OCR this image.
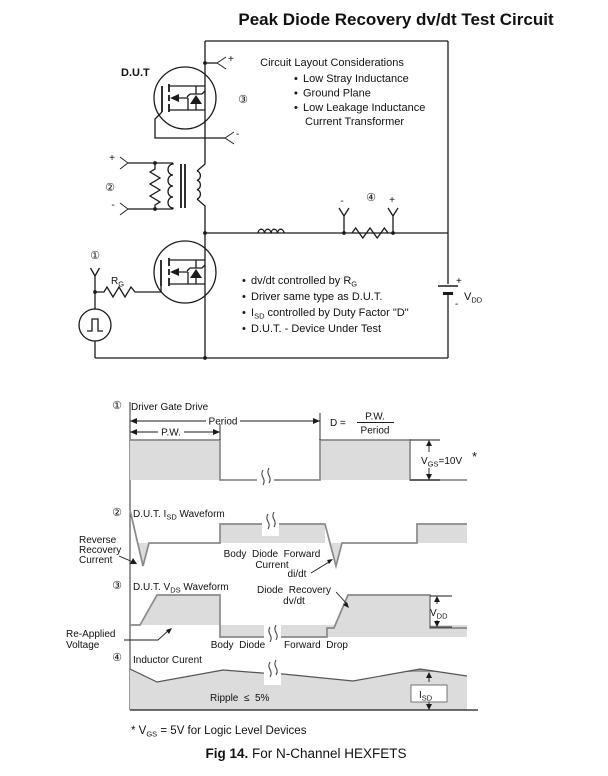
Peak Diode Recovery dv/dt Test Circuit
D.U.T
+
-
③
+
-
②
-	+
④
$R_G$
①
+
-
$V_{DD}$
Circuit Layout Considerations
• Low Stray Inductance
• Ground Plane
• Low Leakage Inductance
Current Transformer
• dv/dt controlled by $R_G$
• Driver same type as D.U.T.
• $I_{SD}$ controlled by Duty Factor "D"
• D.U.T. - Device Under Test
① Driver Gate Drive
P.W.
Period	D =
P.W.
Period
$V_{GS}=10V$ *
② D.U.T. $I_{SD}$ Waveform
Reverse
Recovery
Current
Body  Diode  Forward
Current
di/dt
③ D.U.T. $V_{DS}$ Waveform
Re-Applied
Voltage	Body  Diode Forward  Drop
Diode  Recovery
dv/dt
$V_{DD}$
④ Inductor Curent
Ripple  ≤  5%	$I_{SD}$
* $V_{GS} = 5V$ for Logic Level Devices
Fig 14. For N-Channel HEXFETS
